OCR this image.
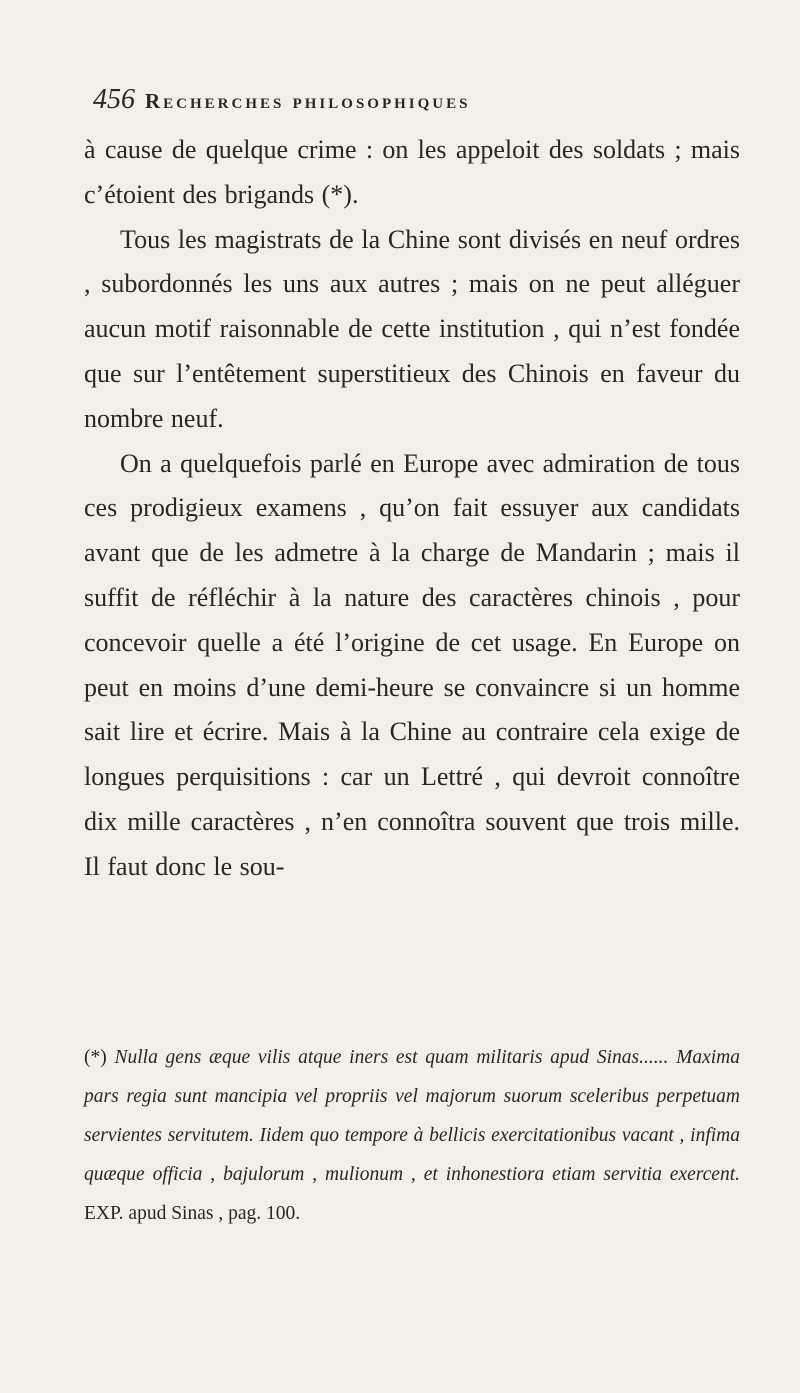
456 Recherches philosophiques

à cause de quelque crime : on les appeloit des soldats ; mais c’étoient des brigands (*).

Tous les magistrats de la Chine sont divisés en neuf ordres , subordonnés les uns aux autres ; mais on ne peut alléguer aucun motif raisonnable de cette institution , qui n’est fondée que sur l’entêtement superstitieux des Chinois en faveur du nombre neuf.

On a quelquefois parlé en Europe avec admiration de tous ces prodigieux examens , qu’on fait essuyer aux candidats avant que de les admetre à la charge de Mandarin ; mais il suffit de réfléchir à la nature des caractères chinois , pour concevoir quelle a été l’origine de cet usage. En Europe on peut en moins d’une demi-heure se convaincre si un homme sait lire et écrire. Mais à la Chine au contraire cela exige de longues perquisitions : car un Lettré , qui devroit connoître dix mille caractères , n’en connoîtra souvent que trois mille. Il faut donc le sou-

(*) Nulla gens æque vilis atque iners est quam militaris apud Sinas...... Maxima pars regia sunt mancipia vel propriis vel majorum suorum sceleribus perpetuam servientes servitutem. Iidem quo tempore à bellicis exercitationibus vacant , infima quæque officia , bajulorum , mulionum , et inhonestiora etiam servitia exercent. EXP. apud Sinas , pag. 100.
